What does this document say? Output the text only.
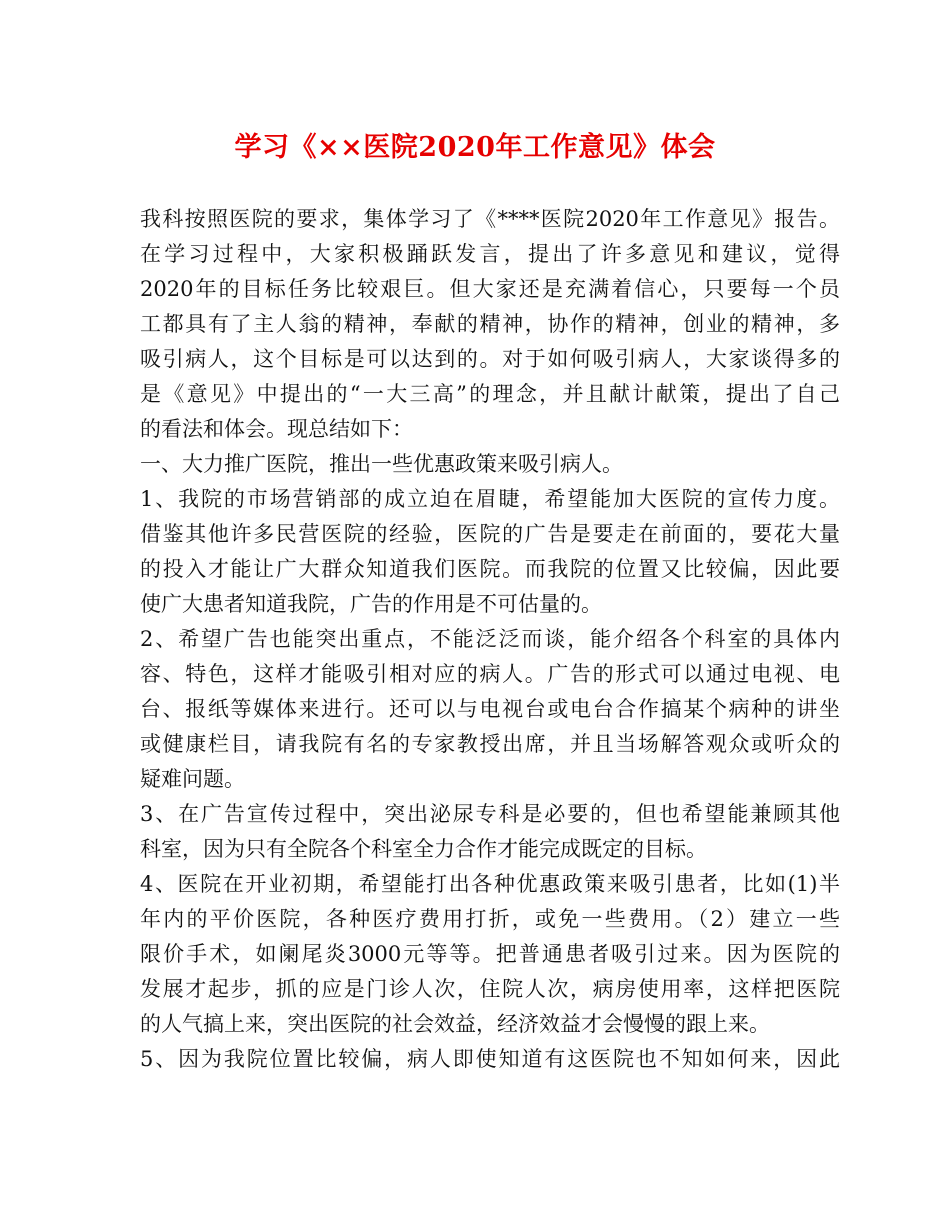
学习《××医院2020年工作意见》体会
我科按照医院的要求，集体学习了《****医院2020年工作意见》报告。
在学习过程中，大家积极踊跃发言，提出了许多意见和建议，觉得
2020年的目标任务比较艰巨。但大家还是充满着信心，只要每一个员
工都具有了主人翁的精神，奉献的精神，协作的精神，创业的精神，多
吸引病人，这个目标是可以达到的。对于如何吸引病人，大家谈得多的
是《意见》中提出的“一大三高”的理念，并且献计献策，提出了自己
的看法和体会。现总结如下：
一、大力推广医院，推出一些优惠政策来吸引病人。
1、我院的市场营销部的成立迫在眉睫，希望能加大医院的宣传力度。
借鉴其他许多民营医院的经验，医院的广告是要走在前面的，要花大量
的投入才能让广大群众知道我们医院。而我院的位置又比较偏，因此要
使广大患者知道我院，广告的作用是不可估量的。
2、希望广告也能突出重点，不能泛泛而谈，能介绍各个科室的具体内
容、特色，这样才能吸引相对应的病人。广告的形式可以通过电视、电
台、报纸等媒体来进行。还可以与电视台或电台合作搞某个病种的讲坐
或健康栏目，请我院有名的专家教授出席，并且当场解答观众或听众的
疑难问题。
3、在广告宣传过程中，突出泌尿专科是必要的，但也希望能兼顾其他
科室，因为只有全院各个科室全力合作才能完成既定的目标。
4、医院在开业初期，希望能打出各种优惠政策来吸引患者，比如(1)半
年内的平价医院，各种医疗费用打折，或免一些费用。（2）建立一些
限价手术，如阑尾炎3000元等等。把普通患者吸引过来。因为医院的
发展才起步，抓的应是门诊人次，住院人次，病房使用率，这样把医院
的人气搞上来，突出医院的社会效益，经济效益才会慢慢的跟上来。
5、因为我院位置比较偏，病人即使知道有这医院也不知如何来，因此
